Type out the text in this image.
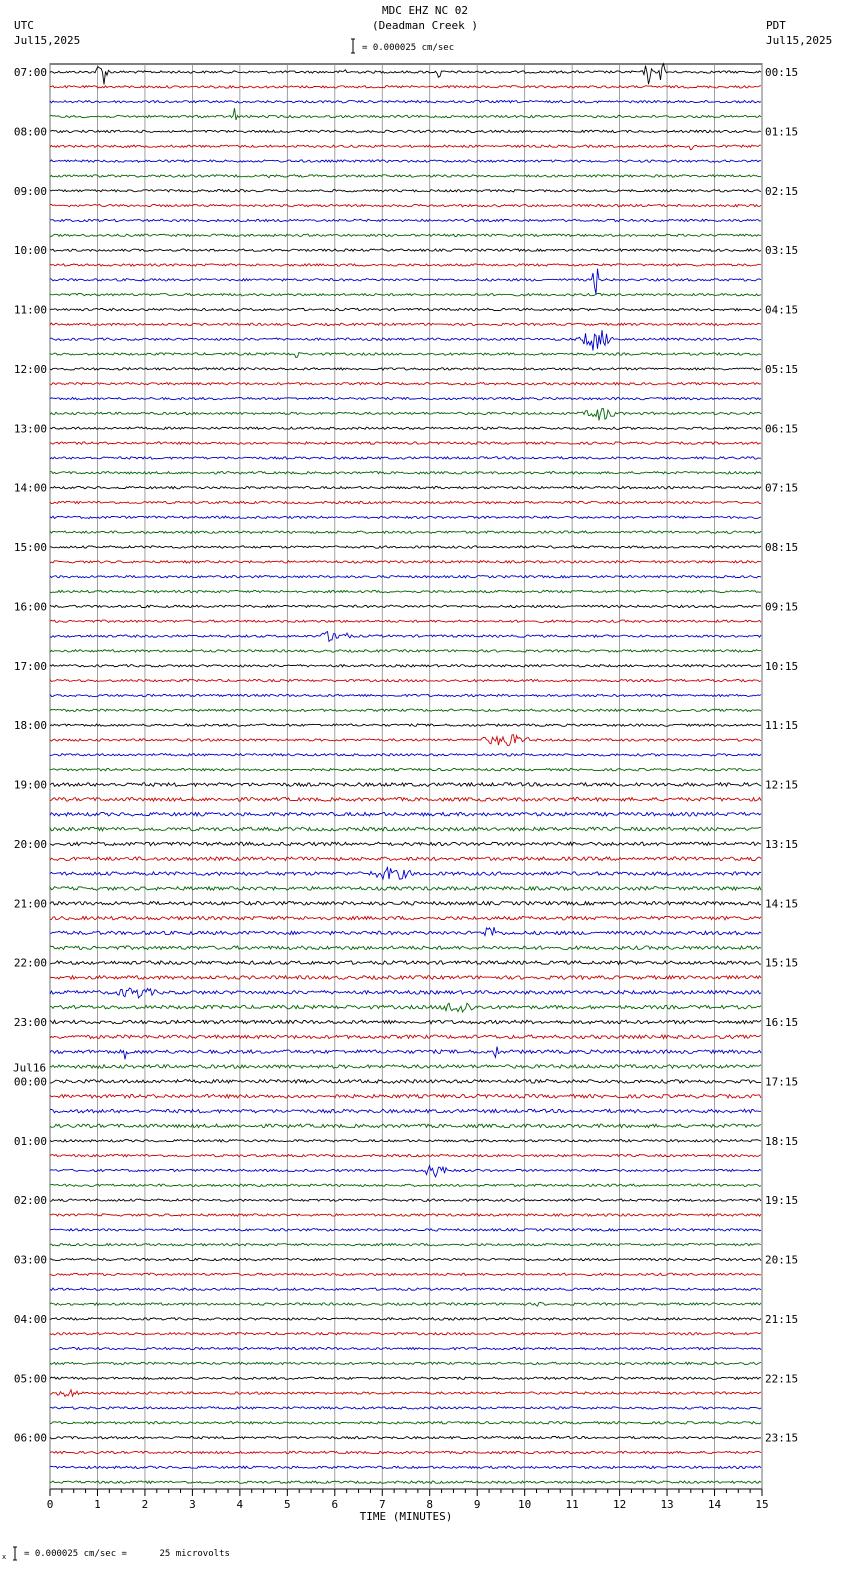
MDC EHZ NC 02
(Deadman Creek )
= 0.000025 cm/sec
UTC
Jul15,2025
PDT
Jul15,2025
0	1	2	3	4	5	6	7	8	9	10	11	12	13	14	15
TIME (MINUTES)
07:00
08:00
09:00
10:00
11:00
12:00
13:00
14:00
15:00
16:00
17:00
18:00
19:00
20:00
21:00
22:00
23:00
00:00
01:00
02:00
03:00
04:00
05:00
06:00
Jul16
00:15
01:15
02:15
03:15
04:15
05:15
06:15
07:15
08:15
09:15
10:15
11:15
12:15
13:15
14:15
15:15
16:15
17:15
18:15
19:15
20:15
21:15
22:15
23:15
x = 0.000025 cm/sec =      25 microvolts
